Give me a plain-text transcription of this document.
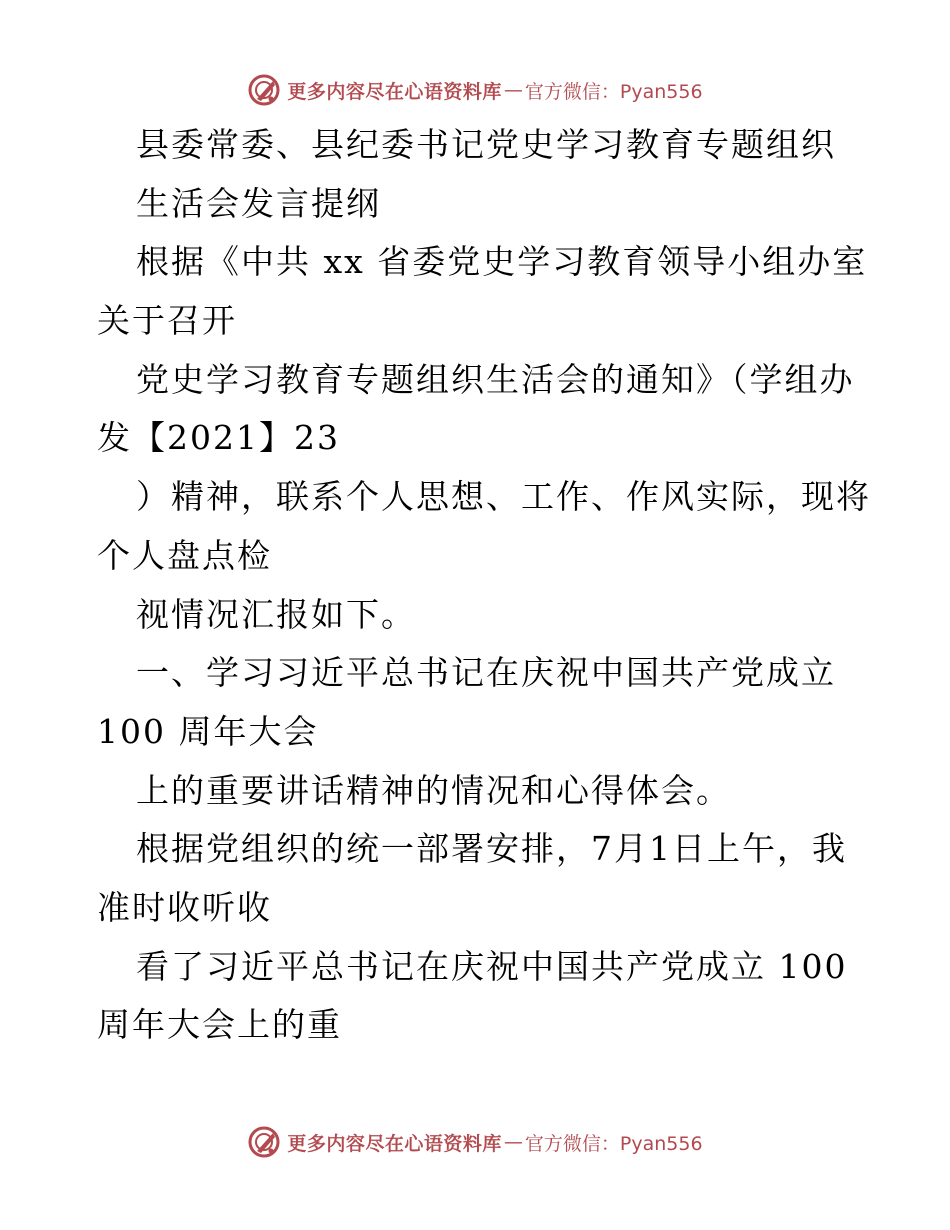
更多内容尽在心语资料库 — 官方微信：Pyan556
县委常委、县纪委书记党史学习教育专题组织
生活会发言提纲
根据《中共 xx 省委党史学习教育领导小组办室
关于召开
党史学习教育专题组织生活会的通知》（学组办
发【2021】23
）精神，联系个人思想、工作、作风实际，现将
个人盘点检
视情况汇报如下。
一、学习习近平总书记在庆祝中国共产党成立
100 周年大会
上的重要讲话精神的情况和心得体会。
根据党组织的统一部署安排，7月1日上午，我
准时收听收
看了习近平总书记在庆祝中国共产党成立 100
周年大会上的重
更多内容尽在心语资料库 — 官方微信：Pyan556
